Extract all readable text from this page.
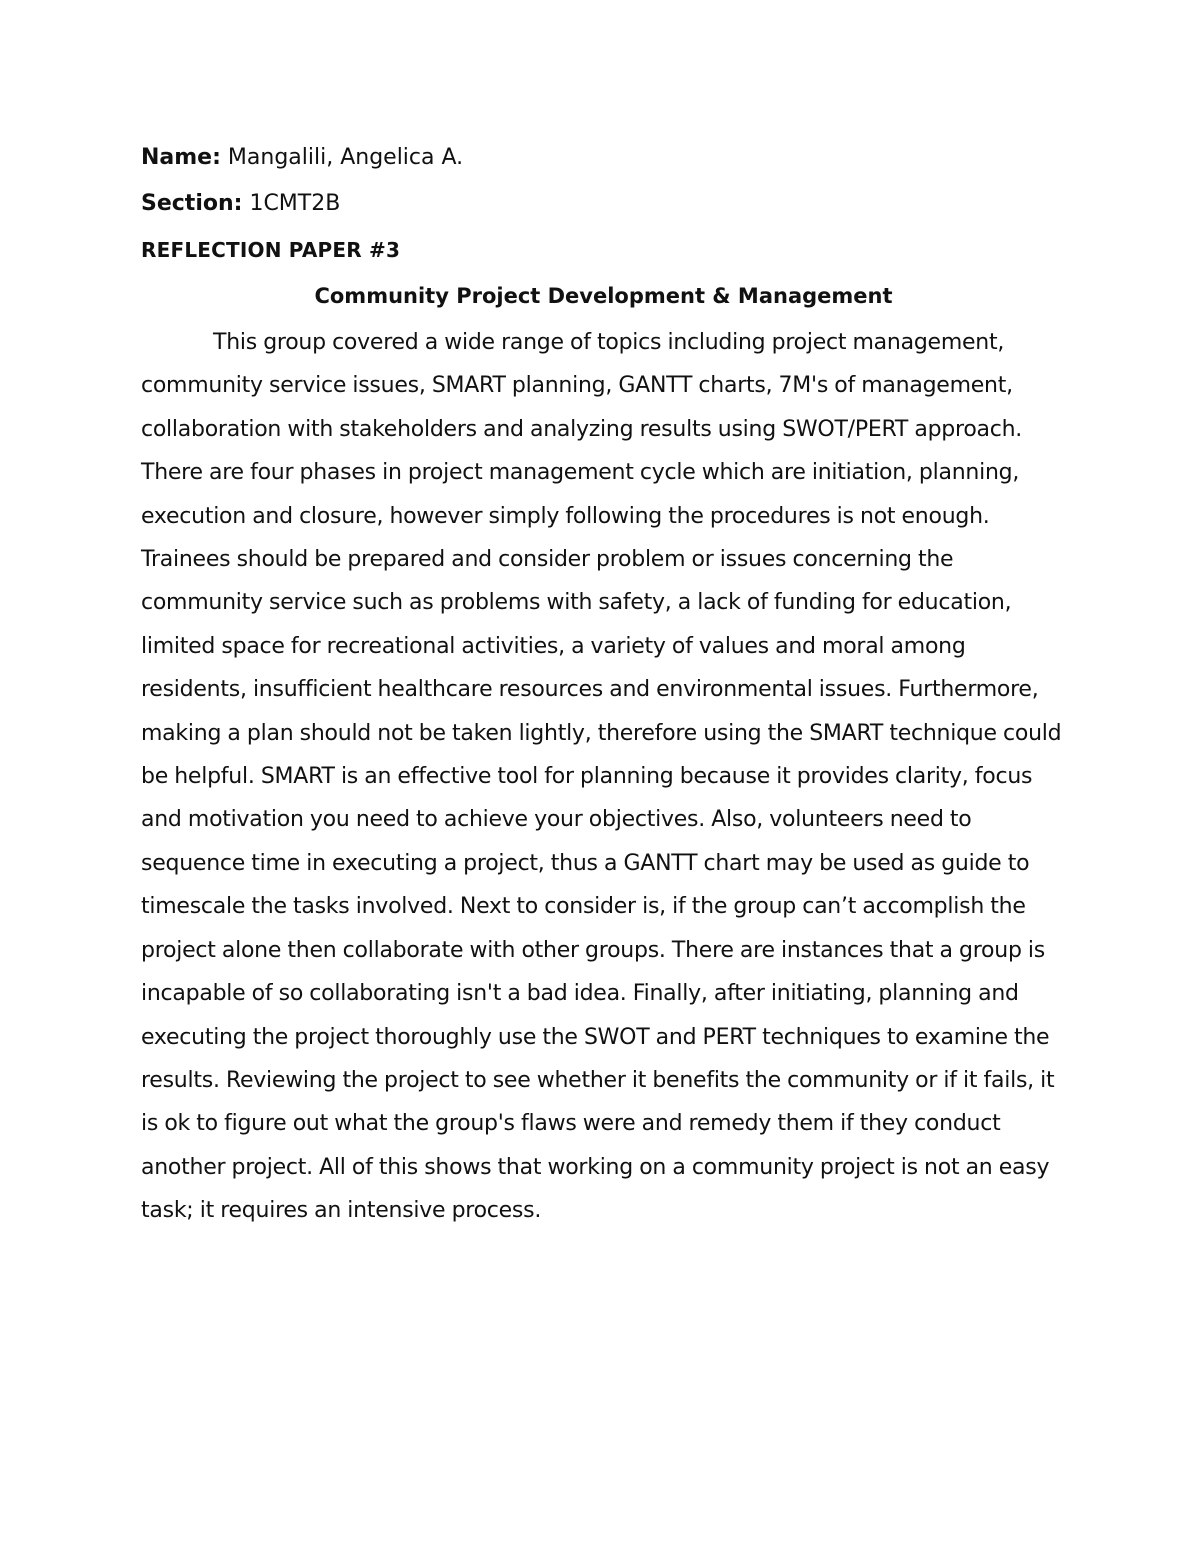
Name: Mangalili, Angelica A.
Section: 1CMT2B
REFLECTION PAPER #3
Community Project Development & Management

This group covered a wide range of topics including project management, community service issues, SMART planning, GANTT charts, 7M's of management, collaboration with stakeholders and analyzing results using SWOT/PERT approach. There are four phases in project management cycle which are initiation, planning, execution and closure, however simply following the procedures is not enough. Trainees should be prepared and consider problem or issues concerning the community service such as problems with safety, a lack of funding for education, limited space for recreational activities, a variety of values and moral among residents, insufficient healthcare resources and environmental issues. Furthermore, making a plan should not be taken lightly, therefore using the SMART technique could be helpful. SMART is an effective tool for planning because it provides clarity, focus and motivation you need to achieve your objectives. Also, volunteers need to sequence time in executing a project, thus a GANTT chart may be used as guide to timescale the tasks involved. Next to consider is, if the group can’t accomplish the project alone then collaborate with other groups. There are instances that a group is incapable of so collaborating isn't a bad idea. Finally, after initiating, planning and executing the project thoroughly use the SWOT and PERT techniques to examine the results. Reviewing the project to see whether it benefits the community or if it fails, it is ok to figure out what the group's flaws were and remedy them if they conduct another project. All of this shows that working on a community project is not an easy task; it requires an intensive process.
